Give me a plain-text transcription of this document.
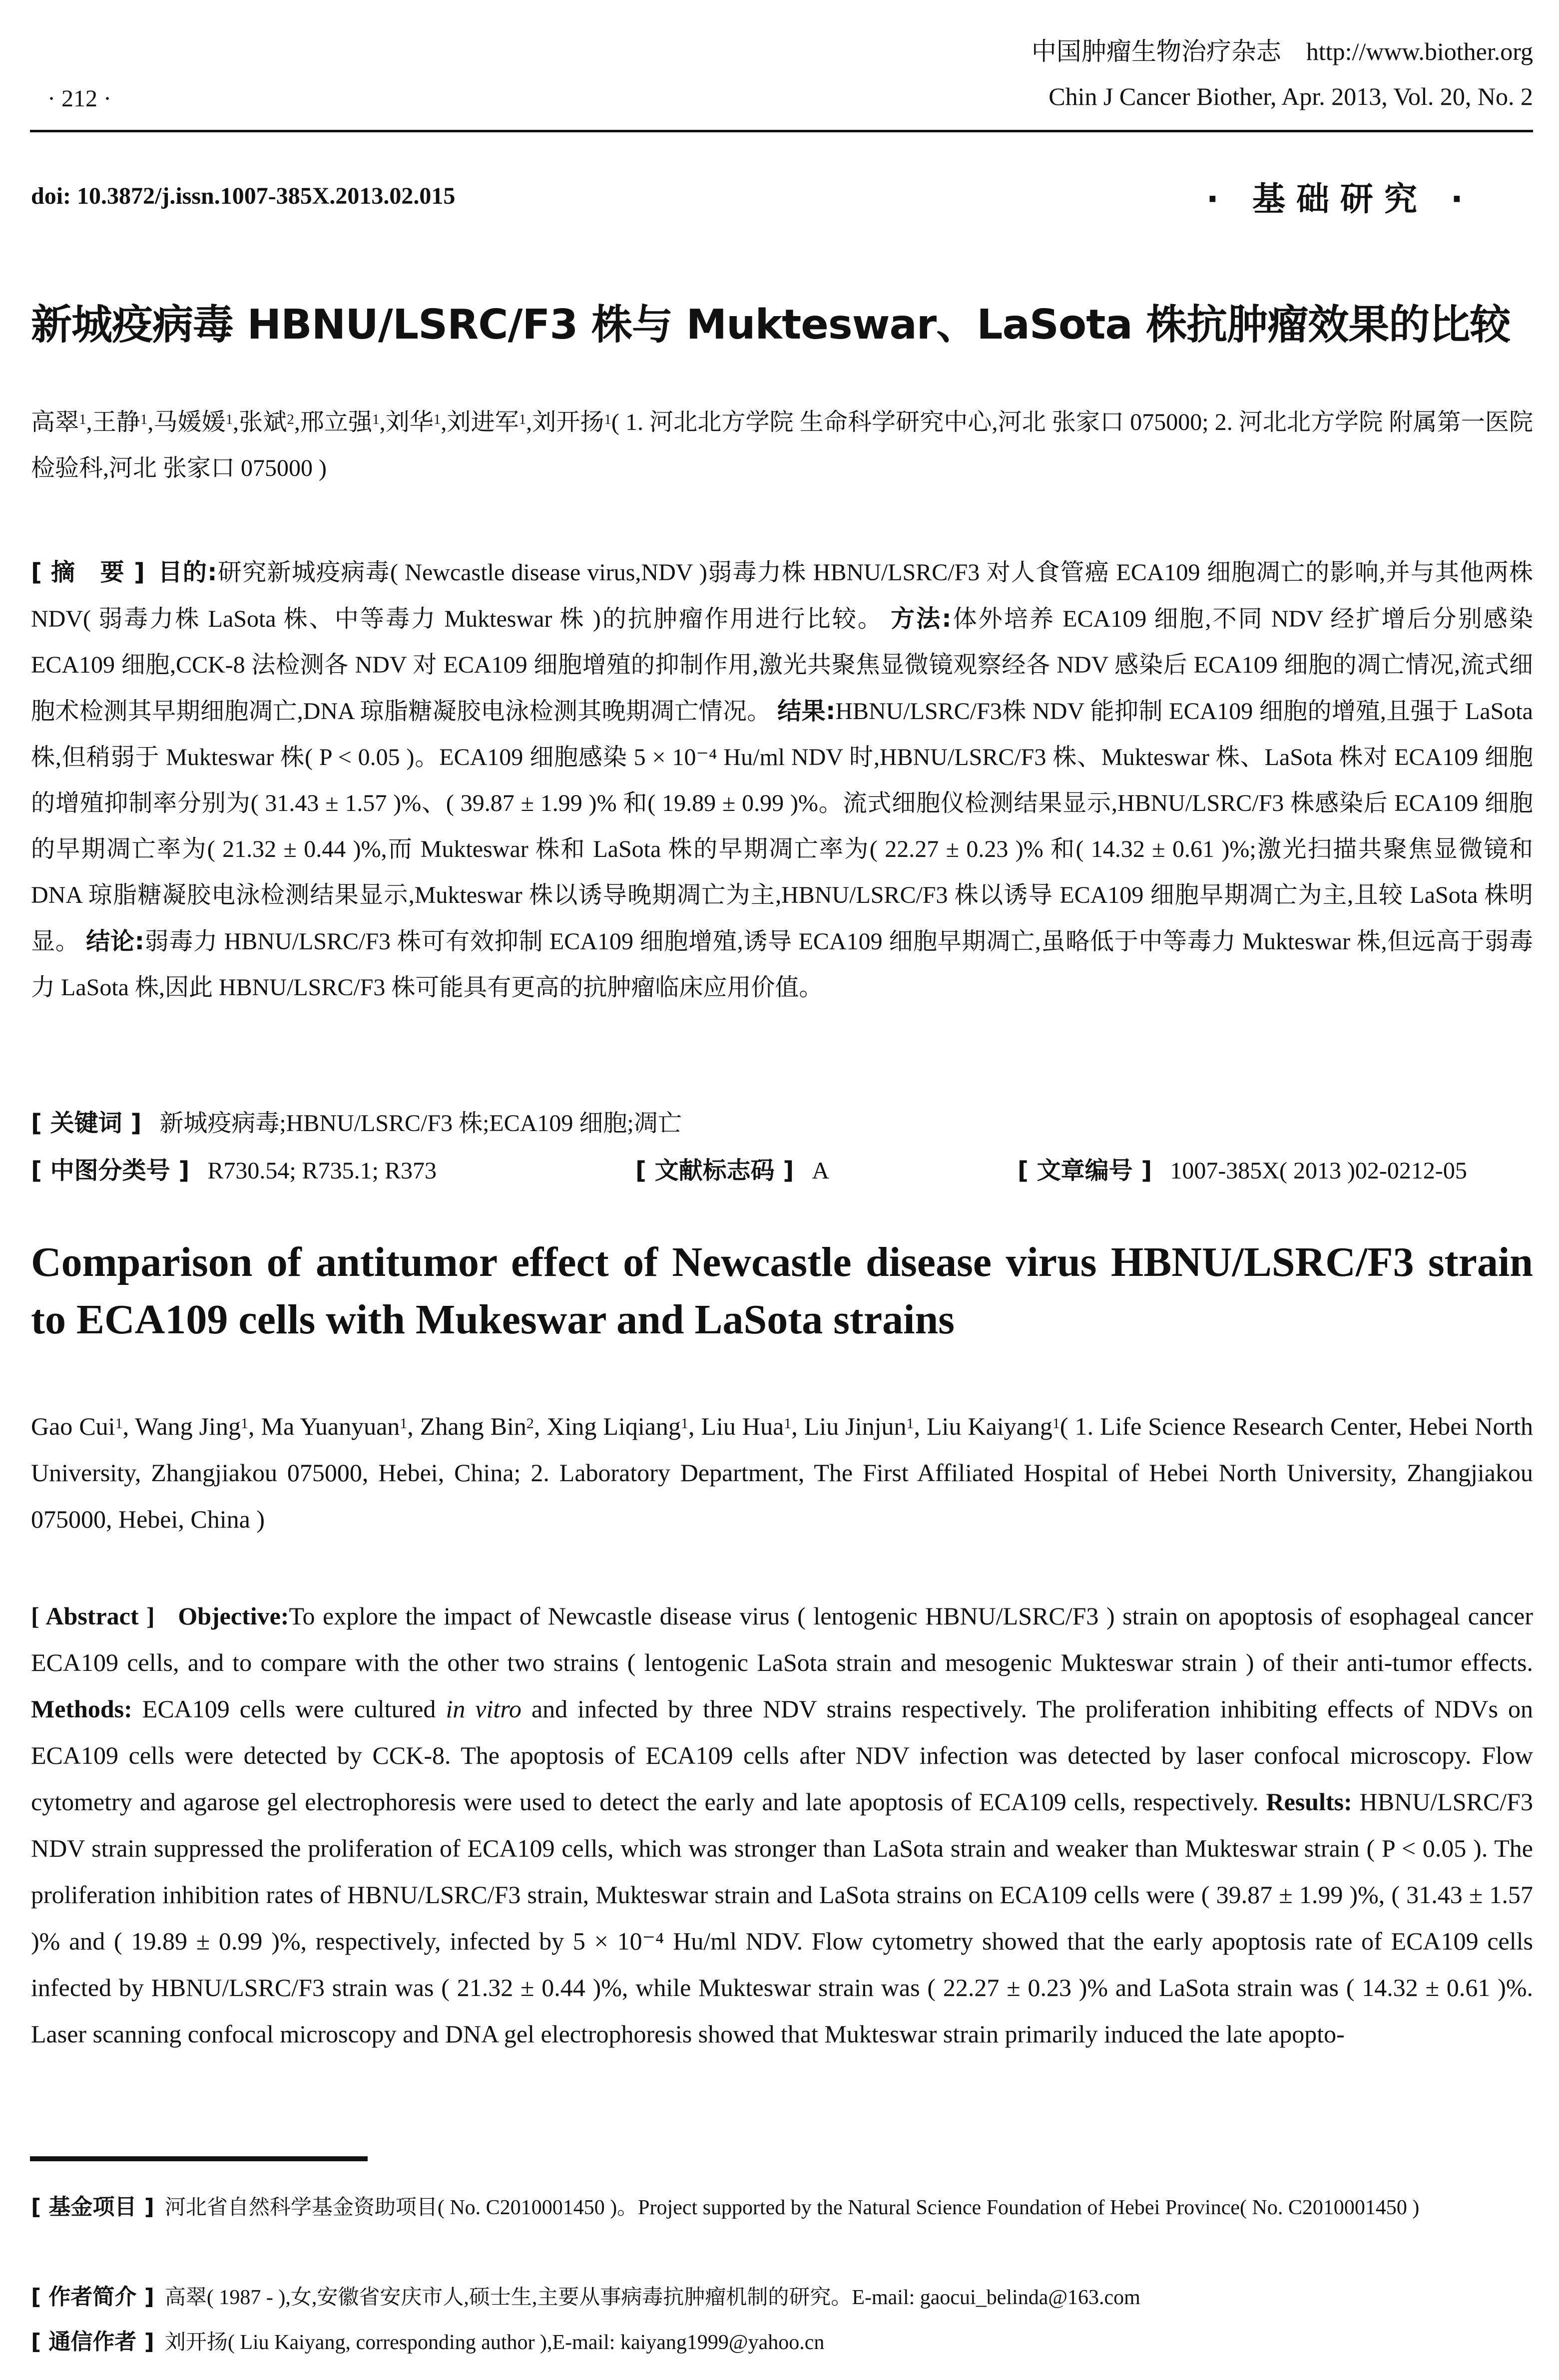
· 212 ·
中国肿瘤生物治疗杂志 http://www.biother.org
Chin J Cancer Biother, Apr. 2013, Vol. 20, No. 2
doi: 10.3872/j.issn.1007-385X.2013.02.015	· 基础研究 ·
新城疫病毒 HBNU/LSRC/F3 株与 Mukteswar、LaSota 株抗肿瘤效果的比较
高翠$^1$,王静$^1$,马媛媛$^1$,张斌$^2$,邢立强$^1$,刘华$^1$,刘进军$^1$,刘开扬$^1$( 1. 河北北方学院 生命科学研究中心,河北 张家口 075000; 2. 河北北方学院 附属第一医院 检验科,河北 张家口 075000 )
[ 摘　要 ] 目的:研究新城疫病毒( Newcastle disease virus,NDV )弱毒力株 HBNU/LSRC/F3 对人食管癌 ECA109 细胞凋亡的影响,并与其他两株 NDV( 弱毒力株 LaSota 株、中等毒力 Mukteswar 株 )的抗肿瘤作用进行比较。 方法:体外培养 ECA109 细胞,不同 NDV 经扩增后分别感染 ECA109 细胞,CCK-8 法检测各 NDV 对 ECA109 细胞增殖的抑制作用,激光共聚焦显微镜观察经各 NDV 感染后 ECA109 细胞的凋亡情况,流式细胞术检测其早期细胞凋亡,DNA 琼脂糖凝胶电泳检测其晚期凋亡情况。 结果:HBNU/LSRC/F3株 NDV 能抑制 ECA109 细胞的增殖,且强于 LaSota 株,但稍弱于 Mukteswar 株( P < 0.05 )。ECA109 细胞感染 5 × 10⁻⁴ Hu/ml NDV 时,HBNU/LSRC/F3 株、Mukteswar 株、LaSota 株对 ECA109 细胞的增殖抑制率分别为( 31.43 ± 1.57 )%、( 39.87 ± 1.99 )% 和( 19.89 ± 0.99 )%。流式细胞仪检测结果显示,HBNU/LSRC/F3 株感染后 ECA109 细胞的早期凋亡率为( 21.32 ± 0.44 )%,而 Mukteswar 株和 LaSota 株的早期凋亡率为( 22.27 ± 0.23 )% 和( 14.32 ± 0.61 )%;激光扫描共聚焦显微镜和 DNA 琼脂糖凝胶电泳检测结果显示,Mukteswar 株以诱导晚期凋亡为主,HBNU/LSRC/F3 株以诱导 ECA109 细胞早期凋亡为主,且较 LaSota 株明显。 结论:弱毒力 HBNU/LSRC/F3 株可有效抑制 ECA109 细胞增殖,诱导 ECA109 细胞早期凋亡,虽略低于中等毒力 Mukteswar 株,但远高于弱毒力 LaSota 株,因此 HBNU/LSRC/F3 株可能具有更高的抗肿瘤临床应用价值。
[ 关键词 ] 新城疫病毒;HBNU/LSRC/F3 株;ECA109 细胞;凋亡
[ 中图分类号 ] R730.54; R735.1; R373	[ 文献标志码 ] A	[ 文章编号 ] 1007-385X( 2013 )02-0212-05
Comparison of antitumor effect of Newcastle disease virus HBNU/LSRC/F3 strain to ECA109 cells with Mukeswar and LaSota strains
Gao Cui$^1$, Wang Jing$^1$, Ma Yuanyuan$^1$, Zhang Bin$^2$, Xing Liqiang$^1$, Liu Hua$^1$, Liu Jinjun$^1$, Liu Kaiyang$^1$( 1. Life Science Research Center, Hebei North University, Zhangjiakou 075000, Hebei, China; 2. Laboratory Department, The First Affiliated Hospital of Hebei North University, Zhangjiakou 075000, Hebei, China )
[ Abstract ] Objective:To explore the impact of Newcastle disease virus ( lentogenic HBNU/LSRC/F3 ) strain on apoptosis of esophageal cancer ECA109 cells, and to compare with the other two strains ( lentogenic LaSota strain and mesogenic Mukteswar strain ) of their anti-tumor effects. Methods: ECA109 cells were cultured in vitro and infected by three NDV strains respectively. The proliferation inhibiting effects of NDVs on ECA109 cells were detected by CCK-8. The apoptosis of ECA109 cells after NDV infection was detected by laser confocal microscopy. Flow cytometry and agarose gel electrophoresis were used to detect the early and late apoptosis of ECA109 cells, respectively. Results: HBNU/LSRC/F3 NDV strain suppressed the proliferation of ECA109 cells, which was stronger than LaSota strain and weaker than Mukteswar strain ( P < 0.05 ). The proliferation inhibition rates of HBNU/LSRC/F3 strain, Mukteswar strain and LaSota strains on ECA109 cells were ( 39.87 ± 1.99 )%, ( 31.43 ± 1.57 )% and ( 19.89 ± 0.99 )%, respectively, infected by 5 × 10⁻⁴ Hu/ml NDV. Flow cytometry showed that the early apoptosis rate of ECA109 cells infected by HBNU/LSRC/F3 strain was ( 21.32 ± 0.44 )%, while Mukteswar strain was ( 22.27 ± 0.23 )% and LaSota strain was ( 14.32 ± 0.61 )%. Laser scanning confocal microscopy and DNA gel electrophoresis showed that Mukteswar strain primarily induced the late apopto-
[ 基金项目 ] 河北省自然科学基金资助项目( No. C2010001450 )。Project supported by the Natural Science Foundation of Hebei Province( No. C2010001450 )
[ 作者简介 ] 高翠( 1987 - ),女,安徽省安庆市人,硕士生,主要从事病毒抗肿瘤机制的研究。E-mail: gaocui_belinda@163.com
[ 通信作者 ] 刘开扬( Liu Kaiyang, corresponding author ),E-mail: kaiyang1999@yahoo.cn
